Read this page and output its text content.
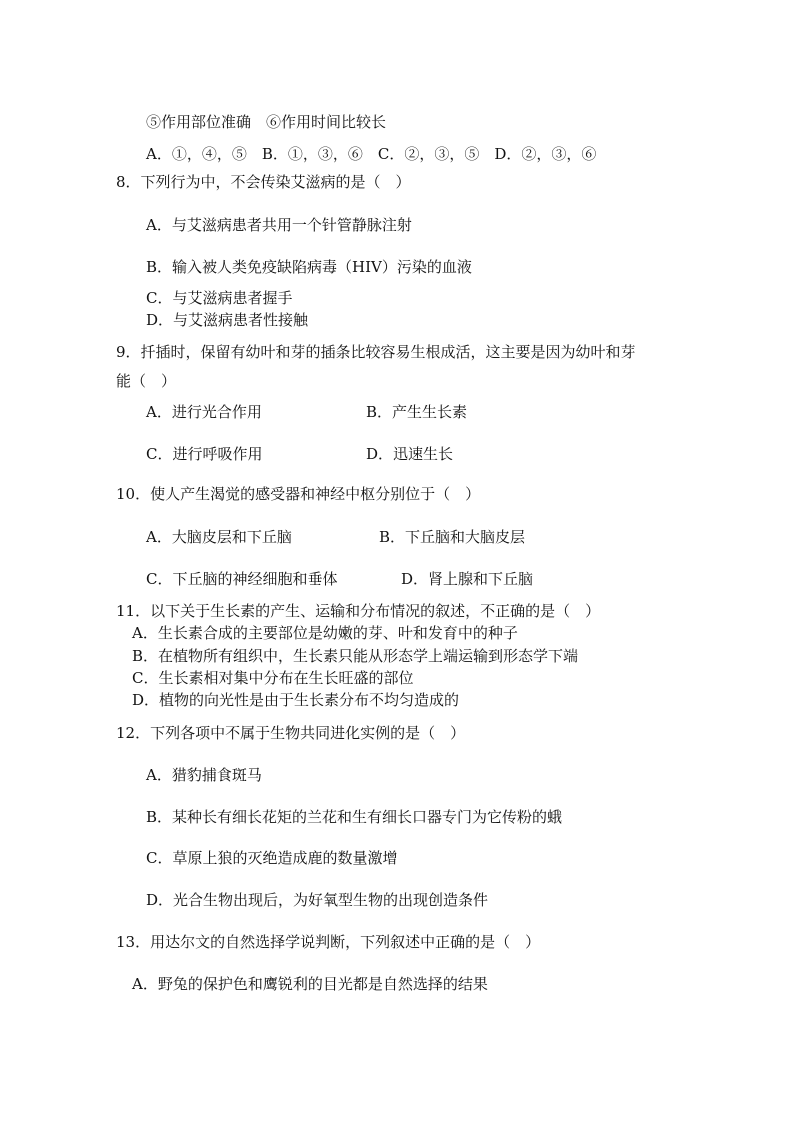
⑤作用部位准确　⑥作用时间比较长
A．①，④，⑤　B．①，③，⑥　C．②，③，⑤　D．②，③，⑥
8．下列行为中，不会传染艾滋病的是（　）
A．与艾滋病患者共用一个针管静脉注射
B．输入被人类免疫缺陷病毒（HIV）污染的血液
C．与艾滋病患者握手
D．与艾滋病患者性接触
9．扦插时，保留有幼叶和芽的插条比较容易生根成活，这主要是因为幼叶和芽
能（　）
A．进行光合作用	B．产生生长素
C．进行呼吸作用	D．迅速生长
10．使人产生渴觉的感受器和神经中枢分别位于（　）
A．大脑皮层和下丘脑	B．下丘脑和大脑皮层
C．下丘脑的神经细胞和垂体	D．肾上腺和下丘脑
11．以下关于生长素的产生、运输和分布情况的叙述，不正确的是（　）
A．生长素合成的主要部位是幼嫩的芽、叶和发育中的种子
B．在植物所有组织中，生长素只能从形态学上端运输到形态学下端
C．生长素相对集中分布在生长旺盛的部位
D．植物的向光性是由于生长素分布不均匀造成的
12．下列各项中不属于生物共同进化实例的是（　）
A．猎豹捕食斑马
B．某种长有细长花矩的兰花和生有细长口器专门为它传粉的蛾
C．草原上狼的灭绝造成鹿的数量激增
D．光合生物出现后，为好氧型生物的出现创造条件
13．用达尔文的自然选择学说判断，下列叙述中正确的是（　）
A．野兔的保护色和鹰锐利的目光都是自然选择的结果
